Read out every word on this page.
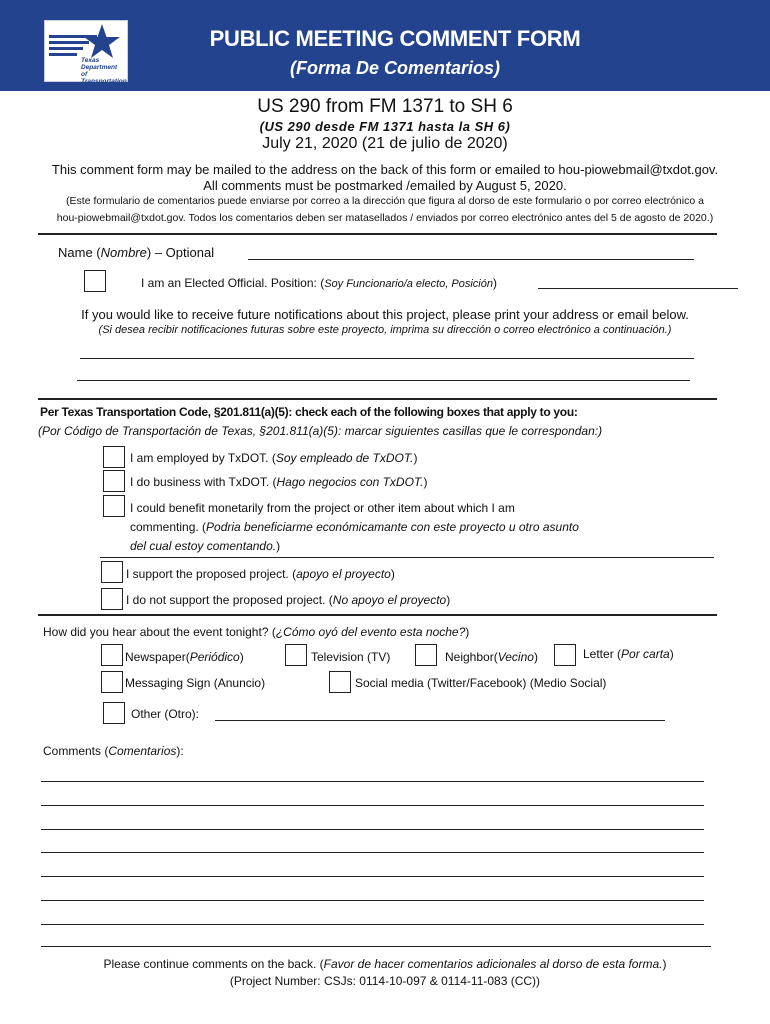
Texas
Department
of Transportation
®	PUBLIC MEETING COMMENT FORM
(Forma De Comentarios)
US 290 from FM 1371 to SH 6
(US 290 desde FM 1371 hasta la SH 6)
July 21, 2020 (21 de julio de 2020)
This comment form may be mailed to the address on the back of this form or emailed to hou-piowebmail@txdot.gov.
All comments must be postmarked /emailed by August 5, 2020.
(Este formulario de comentarios puede enviarse por correo a la dirección que figura al dorso de este formulario o por correo electrónico a
hou-piowebmail@txdot.gov. Todos los comentarios deben ser matasellados / enviados por correo electrónico antes del 5 de agosto de 2020.)
Name (Nombre) – Optional
I am an Elected Official. Position: (Soy Funcionario/a electo, Posición)
If you would like to receive future notifications about this project, please print your address or email below.
(Si desea recibir notificaciones futuras sobre este proyecto, imprima su dirección o correo electrónico a continuación.)
Per Texas Transportation Code, §201.811(a)(5): check each of the following boxes that apply to you:
(Por Código de Transportación de Texas, §201.811(a)(5): marcar siguientes casillas que le correspondan:)
I am employed by TxDOT. (Soy empleado de TxDOT.)
I do business with TxDOT. (Hago negocios con TxDOT.)
I could benefit monetarily from the project or other item about which I am
commenting. (Podria beneficiarme económicamante con este proyecto u otro asunto
del cual estoy comentando.)
I support the proposed project. (apoyo el proyecto)
I do not support the proposed project. (No apoyo el proyecto)
How did you hear about the event tonight? (¿Cómo oyó del evento esta noche?)
Newspaper(Periódico)	Television (TV)	Neighbor(Vecino)	Letter (Por carta)
Messaging Sign (Anuncio)	Social media (Twitter/Facebook) (Medio Social)
Other (Otro):
Comments (Comentarios):
Please continue comments on the back. (Favor de hacer comentarios adicionales al dorso de esta forma.)
(Project Number: CSJs: 0114-10-097 & 0114-11-083 (CC))
